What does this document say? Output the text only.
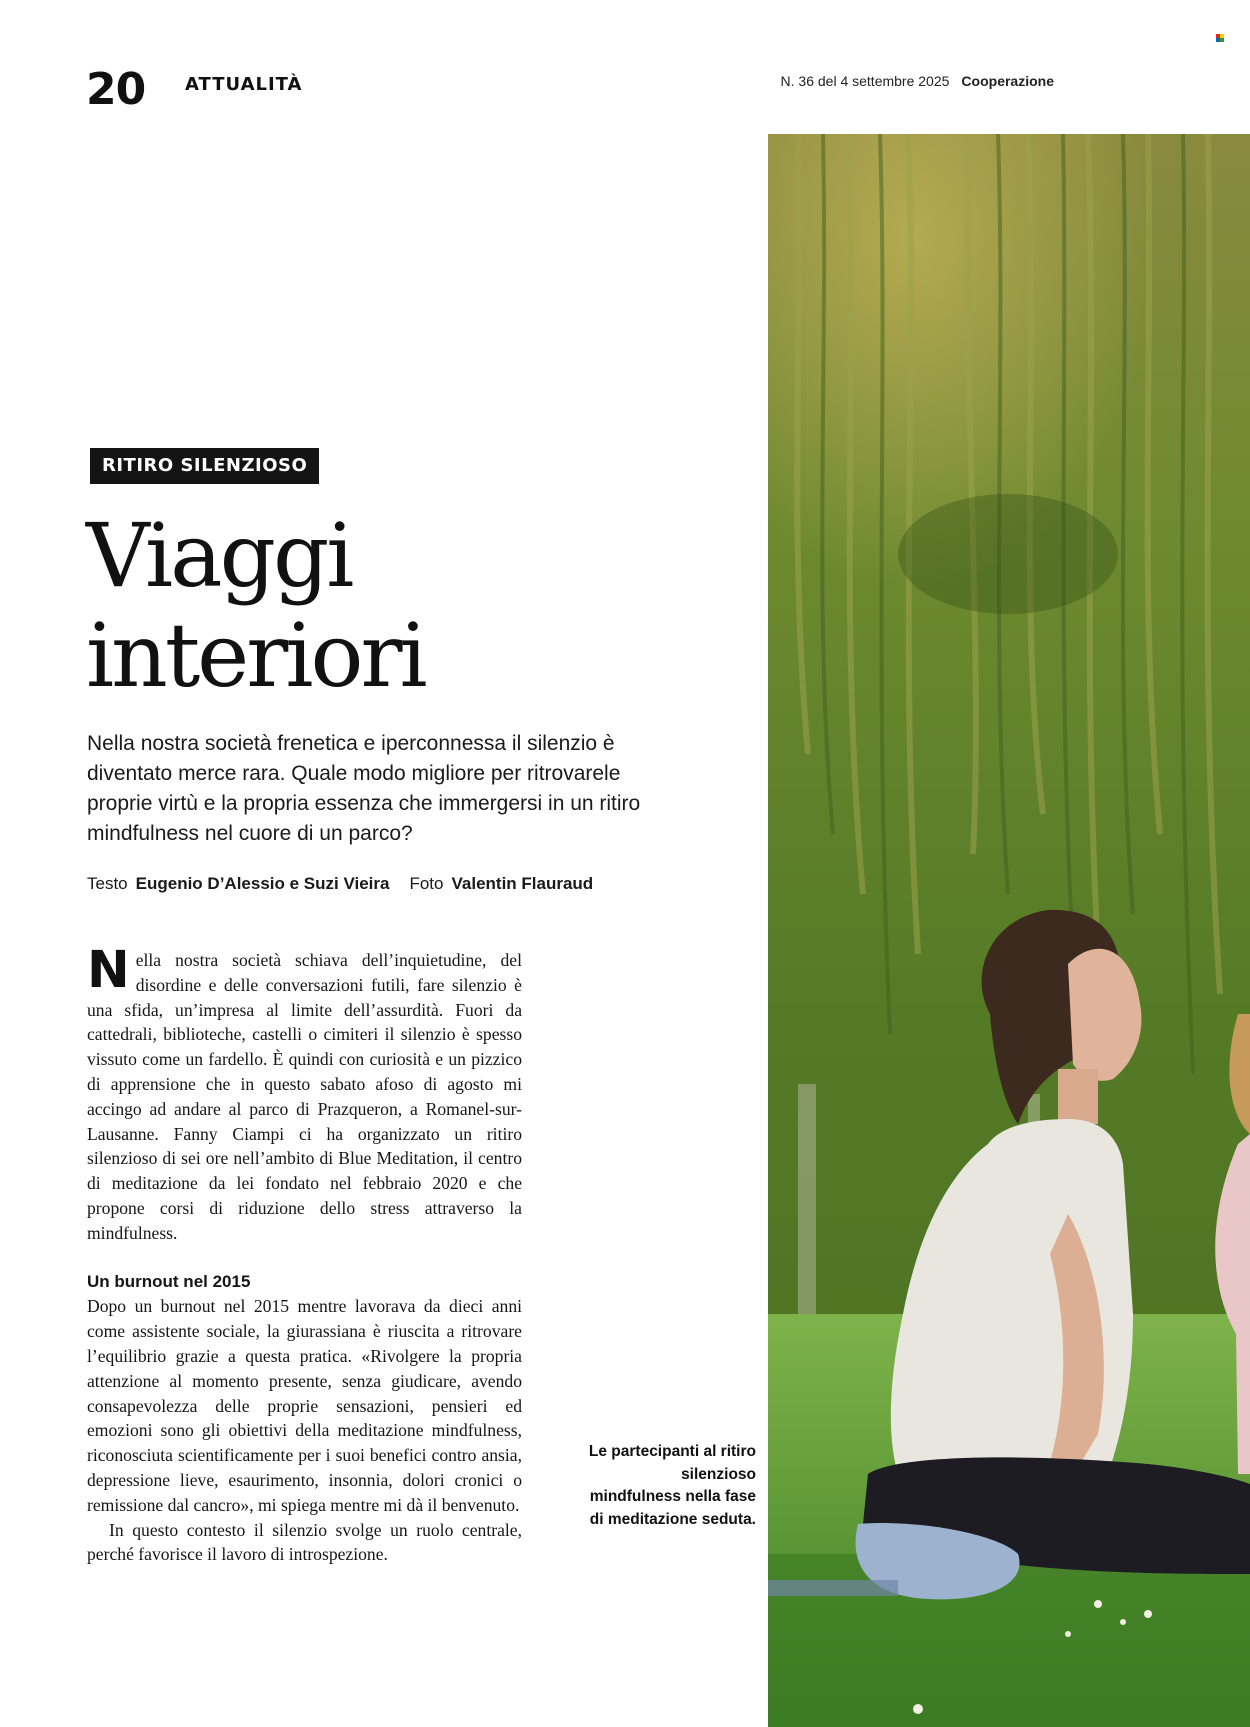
20 ATTUALITÀ	N. 36 del 4 settembre 2025 Cooperazione
RITIRO SILENZIOSO
Viaggi
interiori

Nella nostra società frenetica e iperconnessa il silenzio è diventato merce rara. Quale modo migliore per ritrovarele proprie virtù e la propria essenza che immergersi in un ritiro mindfulness nel cuore di un parco?

Testo Eugenio D’Alessio e Suzi Vieira Foto Valentin Flauraud

Nella nostra società schiava dell’inquietudine, del disordine e delle conversazioni futili, fare silenzio è una sfida, un’impresa al limite dell’assurdità. Fuori da cattedrali, biblioteche, castelli o cimiteri il silenzio è spesso vissuto come un fardello. È quindi con curiosità e un pizzico di apprensione che in questo sabato afoso di agosto mi accingo ad andare al parco di Prazqueron, a Romanel-sur-Lausanne. Fanny Ciampi ci ha organizzato un ritiro silenzioso di sei ore nell’ambito di Blue Meditation, il centro di meditazione da lei fondato nel febbraio 2020 e che propone corsi di riduzione dello stress attraverso la mindfulness.

Un burnout nel 2015

Dopo un burnout nel 2015 mentre lavorava da dieci anni come assistente sociale, la giurassiana è riuscita a ritrovare l’equilibrio grazie a questa pratica. «Rivolgere la propria attenzione al momento presente, senza giudicare, avendo consapevolezza delle proprie sensazioni, pensieri ed emozioni sono gli obiettivi della meditazione mindfulness, riconosciuta scientificamente per i suoi benefici contro ansia, depressione lieve, esaurimento, insonnia, dolori cronici o remissione dal cancro», mi spiega mentre mi dà il benvenuto.

In questo contesto il silenzio svolge un ruolo centrale, perché favorisce il lavoro di introspezione.

Le partecipanti al ritiro silenzioso mindfulness nella fase di meditazione seduta.
